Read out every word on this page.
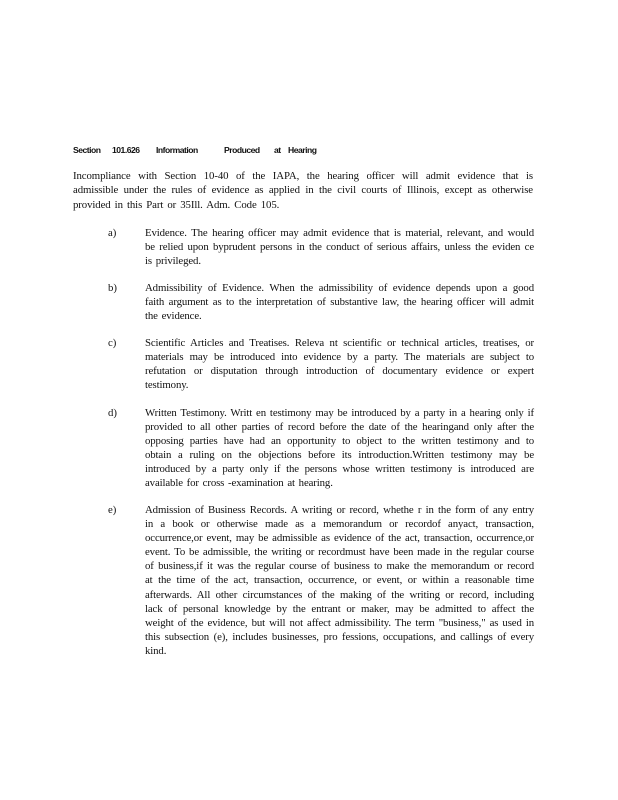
Section 101.626 Information	Produced at Hearing
Incompliance with Section 10-40 of the IAPA, the hearing officer will admit evidence that is admissible under the rules of evidence as applied in the civil courts of Illinois, except as otherwise provided in this Part or 35Ill. Adm. Code 105.
a)	Evidence. The hearing officer may admit evidence that is material, relevant, and would be relied upon byprudent persons in the conduct of serious affairs, unless the eviden ce is privileged.
b)	Admissibility of Evidence. When the admissibility of evidence depends upon a good faith argument as to the interpretation of substantive law, the hearing officer will admit the evidence.
c)	Scientific Articles and Treatises. Releva nt scientific or technical articles, treatises, or materials may be introduced into evidence by a party. The materials are subject to refutation or disputation through introduction of documentary evidence or expert testimony.
d)	Written Testimony. Writt en testimony may be introduced by a party in a hearing only if provided to all other parties of record before the date of the hearingand only after the opposing parties have had an opportunity to object to the written testimony and to obtain a ruling on the objections before its introduction.Written testimony may be introduced by a party only if the persons whose written testimony is introduced are available for cross -examination at hearing.
e)	Admission of Business Records. A writing or record, whethe r in the form of any entry in a book or otherwise made as a memorandum or recordof anyact, transaction, occurrence,or event, may be admissible as evidence of the act, transaction, occurrence,or event. To be admissible, the writing or recordmust have been made in the regular course of business,if it was the regular course of business to make the memorandum or record at the time of the act, transaction, occurrence, or event, or within a reasonable time afterwards. All other circumstances of the making of the writing or record, including lack of personal knowledge by the entrant or maker, may be admitted to affect the weight of the evidence, but will not affect admissibility. The term "business," as used in this subsection (e), includes businesses, pro fessions, occupations, and callings of every kind.
